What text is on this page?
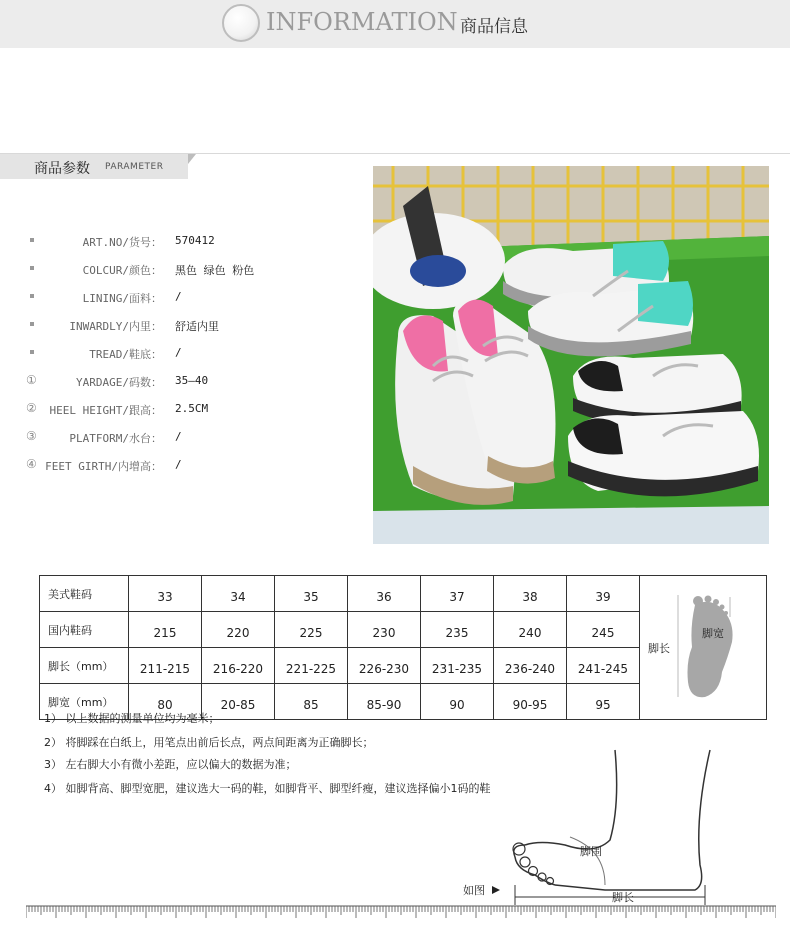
INFORMATION 商品信息
商品参数 PARAMETER
ART.NO/货号： 570412
COLCUR/颜色： 黑色 绿色 粉色
LINING/面料： /
INWARDLY/内里： 舒适内里
TREAD/鞋底： /
①	YARDAGE/码数： 35—40
② HEEL HEIGHT/跟高： 2.5CM
③	PLATFORM/水台： /
④ FEET GIRTH/内增高： /
美式鞋码	33	34	35	36	37	38	39	脚长
脚宽

国内鞋码	215	220	225	230	235	240	245	
脚长（mm）	211-215	216-220	221-225	226-230	231-235	236-240	241-245	
脚宽（mm）	80	20-85	85	85-90	90	90-95	95	
1） 以上数据的测量单位均为毫米；
2） 将脚踩在白纸上，用笔点出前后长点，两点间距离为正确脚长；
3） 左右脚大小有微小差距，应以偏大的数据为准；
4） 如脚背高、脚型宽肥，建议选大一码的鞋，如脚背平、脚型纤瘦，建议选择偏小1码的鞋
脚围
脚长
如图
